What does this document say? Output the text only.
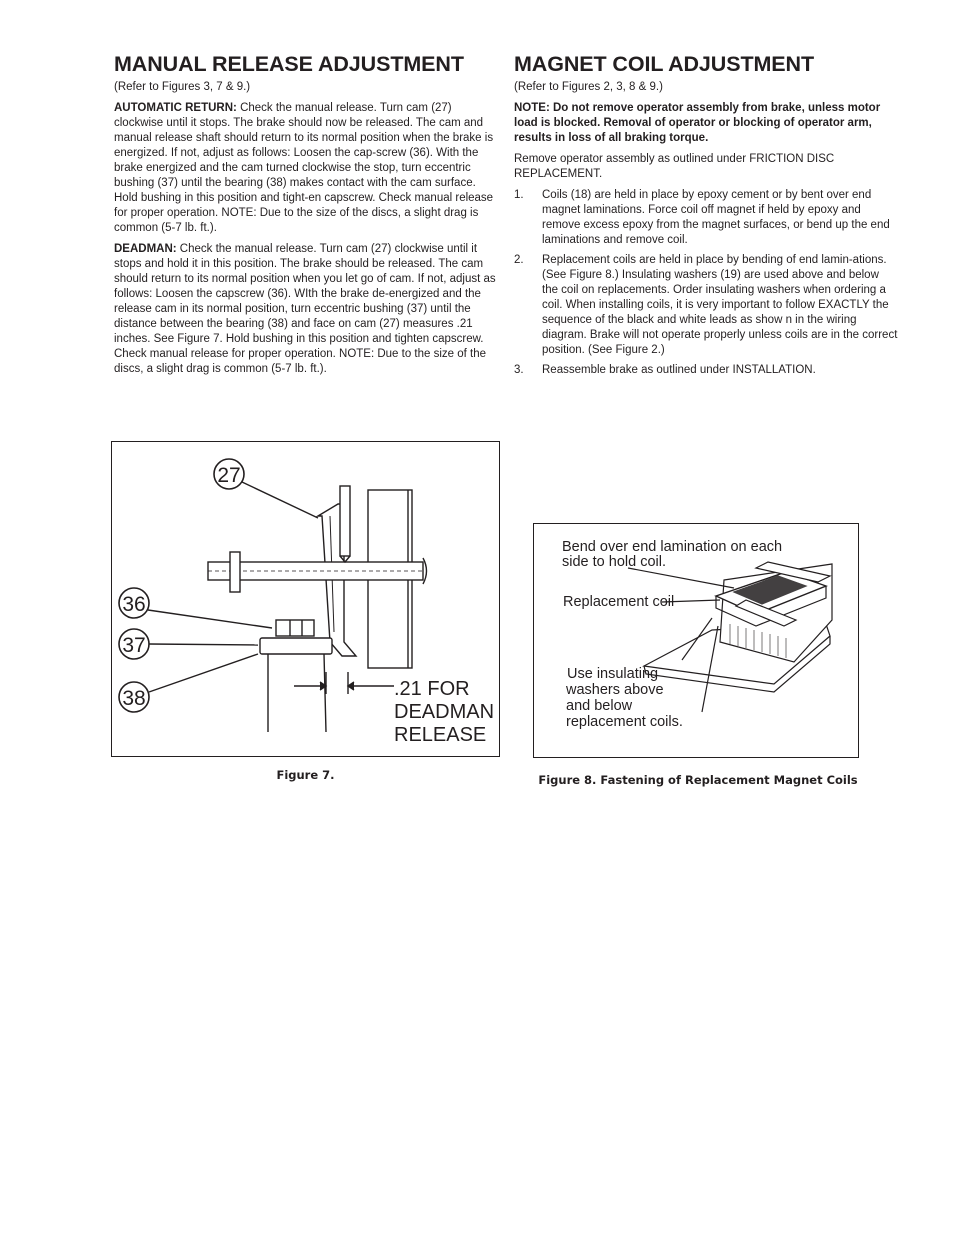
MANUAL RELEASE ADJUSTMENT
(Refer to Figures 3, 7 & 9.)

AUTOMATIC RETURN: Check the manual release. Turn cam (27) clockwise until it stops. The brake should now be released. The cam and manual release shaft should return to its normal position when the brake is energized. If not, adjust as follows: Loosen the cap-screw (36). With the brake energized and the cam turned clockwise the stop, turn eccentric bushing (37) until the bearing (38) makes contact with the cam surface. Hold bushing in this position and tight-en capscrew. Check manual release for proper operation. NOTE: Due to the size of the discs, a slight drag is common (5-7 lb. ft.).

DEADMAN: Check the manual release. Turn cam (27) clockwise until it stops and hold it in this position. The brake should be released. The cam should return to its normal position when you let go of cam. If not, adjust as follows: Loosen the capscrew (36). WIth the brake de-energized and the release cam in its normal position, turn eccentric bushing (37) until the distance between the bearing (38) and face on cam (27) measures .21 inches. See Figure 7. Hold bushing in this position and tighten capscrew. Check manual release for proper operation. NOTE: Due to the size of the discs, a slight drag is common (5-7 lb. ft.).

MAGNET COIL ADJUSTMENT
(Refer to Figures 2, 3, 8 & 9.)

NOTE: Do not remove operator assembly from brake, unless motor load is blocked. Removal of operator or blocking of operator arm, results in loss of all braking torque.

Remove operator assembly as outlined under FRICTION DISC REPLACEMENT.

1. Coils (18) are held in place by epoxy cement or by bent over end magnet laminations. Force coil off magnet if held by epoxy and remove excess epoxy from the magnet surfaces, or bend up the end laminations and remove coil.
2. Replacement coils are held in place by bending of end lamin-ations. (See Figure 8.) Insulating washers (19) are used above and below the coil on replacements. Order insulating washers when ordering a coil. When installing coils, it is very important to follow EXACTLY the sequence of the black and white leads as show n in the wiring diagram. Brake will not operate properly unless coils are in the correct position. (See Figure 2.)
3. Reassemble brake as outlined under INSTALLATION.
27
36
37
38	.21 FOR
DEADMAN
RELEASE
Figure 7.
Bend over end lamination on each
side to hold coil.
Replacement coil
Use insulating
washers above
and below
replacement coils.
Figure 8. Fastening of Replacement Magnet Coils
